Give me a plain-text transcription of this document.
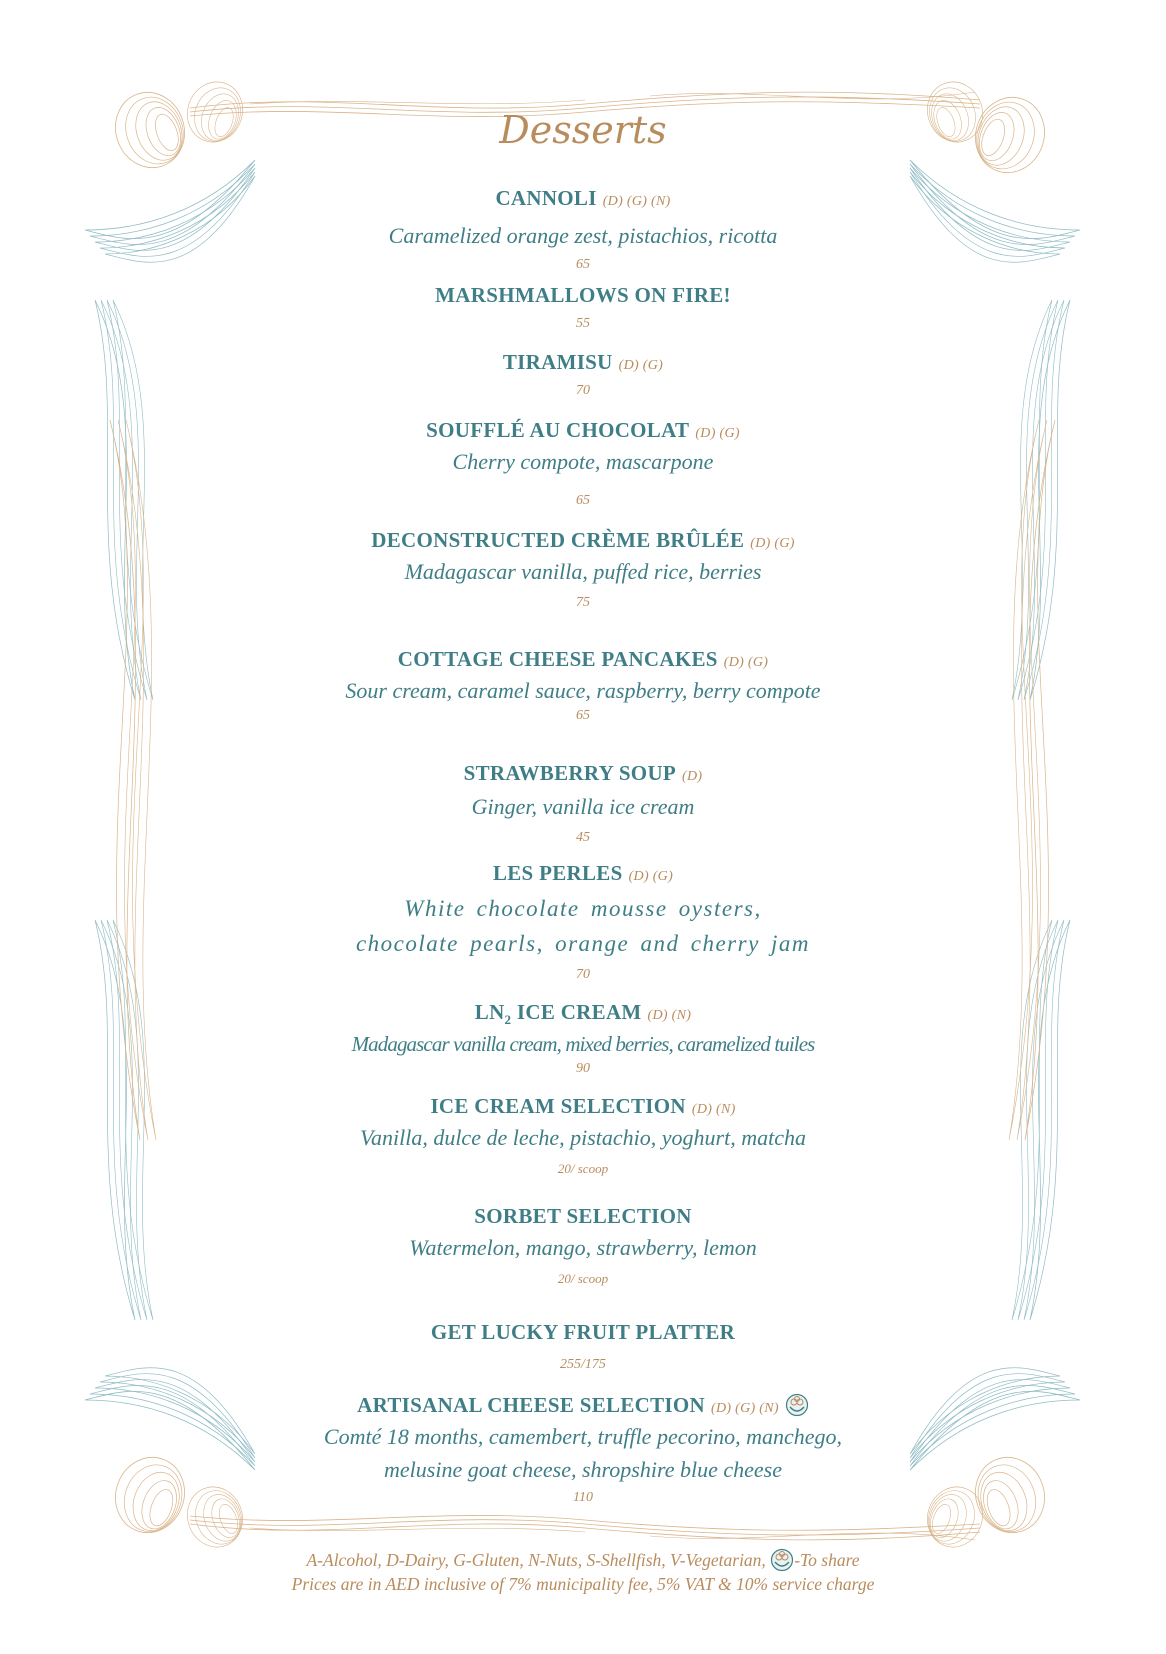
Desserts
CANNOLI (D) (G) (N)
Caramelized orange zest, pistachios, ricotta
65
MARSHMALLOWS ON FIRE!
55
TIRAMISU (D) (G)
70
SOUFFLÉ AU CHOCOLAT (D) (G)
Cherry compote, mascarpone
65
DECONSTRUCTED CRÈME BRÛLÉE (D) (G)
Madagascar vanilla, puffed rice, berries
75
COTTAGE CHEESE PANCAKES (D) (G)
Sour cream, caramel sauce, raspberry, berry compote
65
STRAWBERRY SOUP (D)
Ginger, vanilla ice cream
45
LES PERLES (D) (G)
White chocolate mousse oysters,
chocolate pearls, orange and cherry jam
70
$LN_2$ ICE CREAM (D) (N)
Madagascar vanilla cream, mixed berries, caramelized tuiles
90
ICE CREAM SELECTION (D) (N)
Vanilla, dulce de leche, pistachio, yoghurt, matcha
20/ scoop
SORBET SELECTION
Watermelon, mango, strawberry, lemon
20/ scoop
GET LUCKY FRUIT PLATTER
255/175
ARTISANAL CHEESE SELECTION (D) (G) (N)
Comté 18 months, camembert, truffle pecorino, manchego,
melusine goat cheese, shropshire blue cheese
110
A-Alcohol, D-Dairy, G-Gluten, N-Nuts, S-Shellfish, V-Vegetarian, -To share
Prices are in AED inclusive of 7% municipality fee, 5% VAT & 10% service charge
